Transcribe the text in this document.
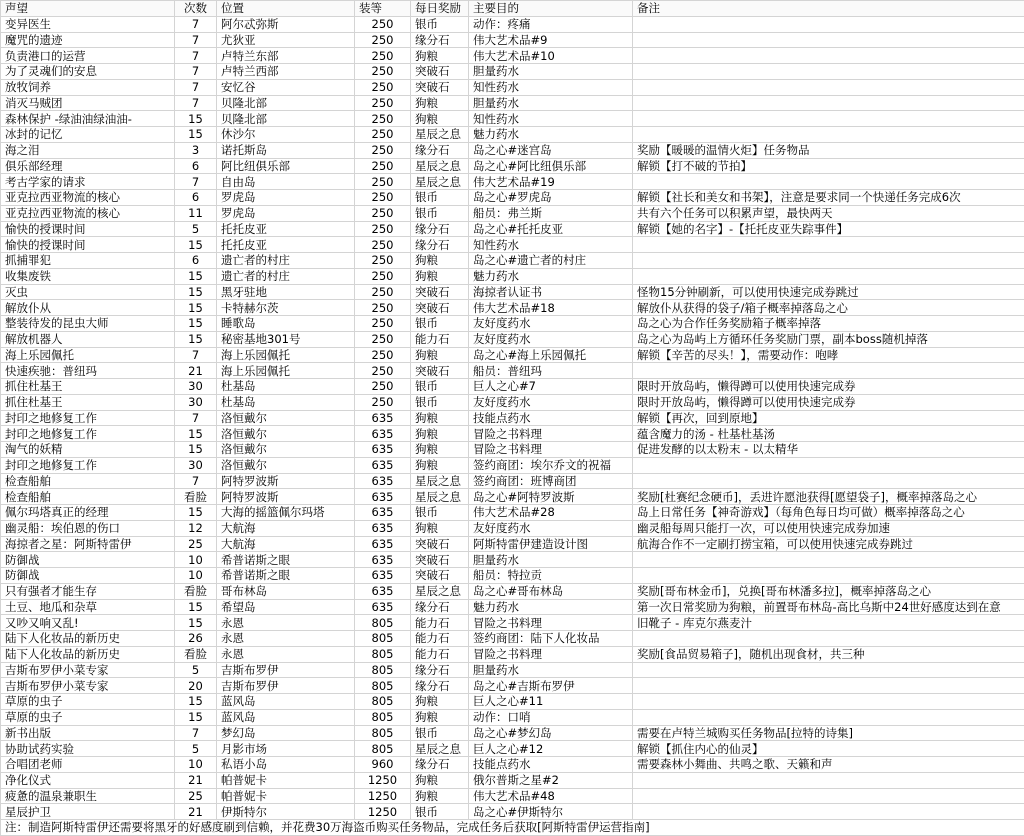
声望	次数	位置	装等	每日奖励	主要目的	备注
变异医生	7	阿尔忒弥斯	250	银币	动作：疼痛	
魔咒的遗迹	7	尤狄亚	250	缘分石	伟大艺术品#9	
负责港口的运营	7	卢特兰东部	250	狗粮	伟大艺术品#10	
为了灵魂们的安息	7	卢特兰西部	250	突破石	胆量药水	
放牧饲养	7	安忆谷	250	突破石	知性药水	
消灭马贼团	7	贝隆北部	250	狗粮	胆量药水	
森林保护 -绿油油绿油油-	15	贝隆北部	250	狗粮	知性药水	
冰封的记忆	15	休沙尔	250	星辰之息	魅力药水	
海之泪	3	诺托斯岛	250	缘分石	岛之心#迷宫岛	奖励【暖暖的温情火炬】任务物品
俱乐部经理	6	阿比纽俱乐部	250	星辰之息	岛之心#阿比纽俱乐部	解锁【打不破的节拍】
考古学家的请求	7	自由岛	250	星辰之息	伟大艺术品#19	
亚克拉西亚物流的核心	6	罗虎岛	250	银币	岛之心#罗虎岛	解锁【社长和美女和书架】，注意是要求同一个快递任务完成6次
亚克拉西亚物流的核心	11	罗虎岛	250	银币	船员：弗兰斯	共有六个任务可以积累声望，最快两天
愉快的授课时间	5	托托皮亚	250	缘分石	岛之心#托托皮亚	解锁【她的名字】-【托托皮亚失踪事件】
愉快的授课时间	15	托托皮亚	250	缘分石	知性药水	
抓捕罪犯	6	遗亡者的村庄	250	狗粮	岛之心#遗亡者的村庄	
收集废铁	15	遗亡者的村庄	250	狗粮	魅力药水	
灭虫	15	黑牙驻地	250	突破石	海掠者认证书	怪物15分钟刷新，可以使用快速完成券跳过
解放仆从	15	卡特赫尔茨	250	突破石	伟大艺术品#18	解放仆从获得的袋子/箱子概率掉落岛之心
整装待发的昆虫大师	15	睡歌岛	250	银币	友好度药水	岛之心为合作任务奖励箱子概率掉落
解放机器人	15	秘密基地301号	250	能力石	友好度药水	岛之心为岛屿上方循环任务奖励门票，副本boss随机掉落
海上乐园佩托	7	海上乐园佩托	250	狗粮	岛之心#海上乐园佩托	解锁【辛苦的尽头！】，需要动作：咆哮
快速疾驰：普纽玛	21	海上乐园佩托	250	突破石	船员：普纽玛	
抓住杜基王	30	杜基岛	250	银币	巨人之心#7	限时开放岛屿，懒得蹲可以使用快速完成券
抓住杜基王	30	杜基岛	250	银币	友好度药水	限时开放岛屿，懒得蹲可以使用快速完成券
封印之地修复工作	7	洛恒戴尔	635	狗粮	技能点药水	解锁【再次，回到原地】
封印之地修复工作	15	洛恒戴尔	635	狗粮	冒险之书料理	蕴含魔力的汤 - 杜基杜基汤
淘气的妖精	15	洛恒戴尔	635	狗粮	冒险之书料理	促进发酵的以太粉末 - 以太精华
封印之地修复工作	30	洛恒戴尔	635	狗粮	签约商团：埃尔乔文的祝福	
检查船舶	7	阿特罗波斯	635	星辰之息	签约商团：班博商团	
检查船舶	看脸	阿特罗波斯	635	星辰之息	岛之心#阿特罗波斯	奖励[杜赛纪念硬币]，丢进许愿池获得[愿望袋子]，概率掉落岛之心
佩尔玛塔真正的经理	15	大海的摇篮佩尔玛塔	635	银币	伟大艺术品#28	岛上日常任务【神奇游戏】（每角色每日均可做）概率掉落岛之心
幽灵船：埃伯恩的伤口	12	大航海	635	狗粮	友好度药水	幽灵船每周只能打一次，可以使用快速完成券加速
海掠者之星：阿斯特雷伊	25	大航海	635	突破石	阿斯特雷伊建造设计图	航海合作不一定刷打捞宝箱，可以使用快速完成券跳过
防御战	10	希普诺斯之眼	635	突破石	胆量药水	
防御战	10	希普诺斯之眼	635	突破石	船员：特拉贡	
只有强者才能生存	看脸	哥布林岛	635	星辰之息	岛之心#哥布林岛	奖励[哥布林金币]，兑换[哥布林潘多拉]，概率掉落岛之心
土豆、地瓜和杂草	15	希望岛	635	缘分石	魅力药水	第一次日常奖励为狗粮，前置哥布林岛-高比乌斯中24世好感度达到在意
又吵又响又乱!	15	永恩	805	能力石	冒险之书料理	旧靴子 - 库克尔燕麦汁
陆下人化妆品的新历史	26	永恩	805	能力石	签约商团：陆下人化妆品	
陆下人化妆品的新历史	看脸	永恩	805	能力石	冒险之书料理	奖励[食品贸易箱子]，随机出现食材，共三种
吉斯布罗伊小菜专家	5	吉斯布罗伊	805	缘分石	胆量药水	
吉斯布罗伊小菜专家	20	吉斯布罗伊	805	缘分石	岛之心#吉斯布罗伊	
草原的虫子	15	蓝风岛	805	狗粮	巨人之心#11	
草原的虫子	15	蓝风岛	805	狗粮	动作：口哨	
新书出版	7	梦幻岛	805	银币	岛之心#梦幻岛	需要在卢特兰城购买任务物品[拉特的诗集]
协助试药实验	5	月影市场	805	星辰之息	巨人之心#12	解锁【抓住内心的仙灵】
合唱团老师	10	私语小岛	960	缘分石	技能点药水	需要森林小舞曲、共鸣之歌、天籁和声
净化仪式	21	帕普妮卡	1250	狗粮	俄尔普斯之星#2	
疲惫的温泉兼职生	25	帕普妮卡	1250	狗粮	伟大艺术品#48	
星辰护卫	21	伊斯特尔	1250	银币	岛之心#伊斯特尔	
注：制造阿斯特雷伊还需要将黑牙的好感度刷到信赖，并花费30万海盗币购买任务物品，完成任务后获取[阿斯特雷伊运营指南]						
